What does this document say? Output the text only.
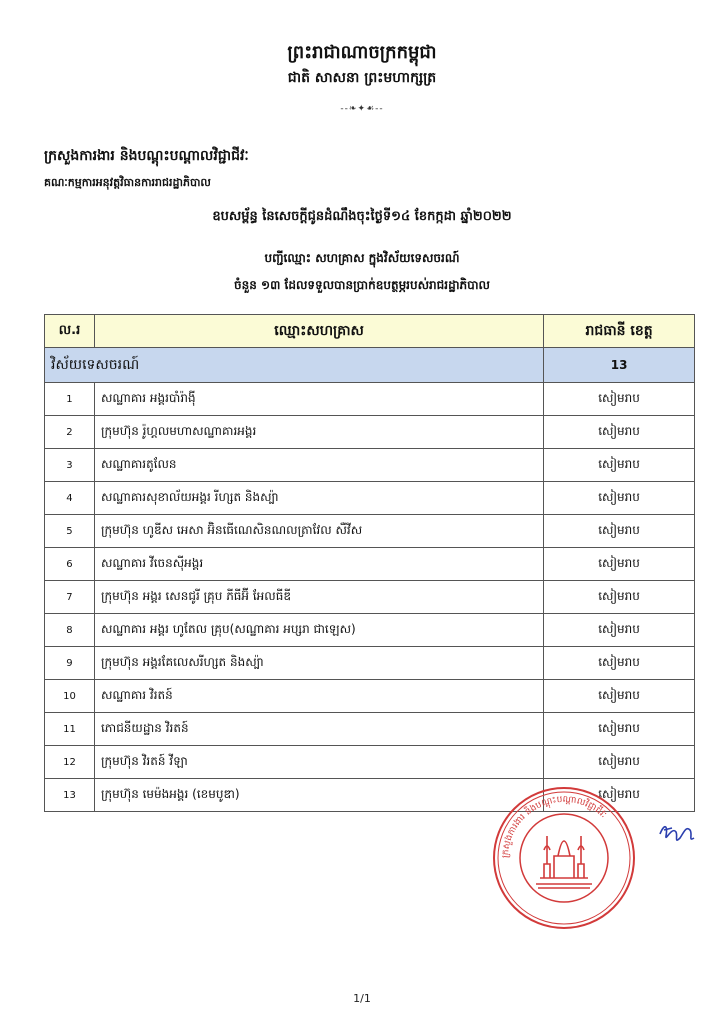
ព្រះរាជាណាចក្រកម្ពុជា
ជាតិ សាសនា ព្រះមហាក្សត្រ
--❧✦☙--
ក្រសួងការងារ និងបណ្តុះបណ្តាលវិជ្ជាជីវៈ
គណៈកម្មការអនុវត្តវិធានការរាជរដ្ឋាភិបាល
ឧបសម្ព័ន្ធ នៃសេចក្តីជូនដំណឹងចុះថ្ងៃទី១៤ ខែកក្កដា ឆ្នាំ២០២២
បញ្ជីឈ្មោះ សហគ្រាស ក្នុងវិស័យទេសចរណ៍
ចំនួន ១៣ ដែលទទួលបានប្រាក់ឧបត្ថម្ភរបស់រាជរដ្ឋាភិបាល
ល.រ	ឈ្មោះសហគ្រាស	រាជធានី ខេត្ត
វិស័យទេសចរណ៍		13
1	សណ្ឋាគារ អង្គរបាំរ៉ាង៉ី	សៀមរាប
2	ក្រុមហ៊ុន រ៉ូហ្គលមហាសណ្ឋាគារអង្គរ	សៀមរាប
3	សណ្ឋាគារតូលែន	សៀមរាប
4	សណ្ឋាគារសុខាល័យអង្គរ រីហ្សត និងស្ប៉ា	សៀមរាប
5	ក្រុមហ៊ុន ហូឌីស អេសា អ៊ិនធើណេសិនណលត្រាវែល សឺវីស	សៀមរាប
6	សណ្ឋាគារ វីចេនស៊ីអង្គរ	សៀមរាប
7	ក្រុមហ៊ុន អង្គរ សេនជូរី គ្រុប ភីធីអ៊ី អែលធីឌី	សៀមរាប
8	សណ្ឋាគារ អង្គរ ហូតែល គ្រុប(សណ្ឋាគារ អប្សរា ជាឡេស)	សៀមរាប
9	ក្រុមហ៊ុន អង្គរគែលេសរីហ្សត និងស្ប៉ា	សៀមរាប
10	សណ្ឋាគារ វិរតន៍	សៀមរាប
11	ភោជនីយដ្ឋាន វិរតន៍	សៀមរាប
12	ក្រុមហ៊ុន វិរតន៍ វីឡា	សៀមរាប
13	ក្រុមហ៊ុន មេម៉ងអង្គរ (ខេមបូឌា)	សៀមរាប
ក្រសួងការងារ និងបណ្តុះបណ្តាលវិជ្ជាជីវៈ
1/1
